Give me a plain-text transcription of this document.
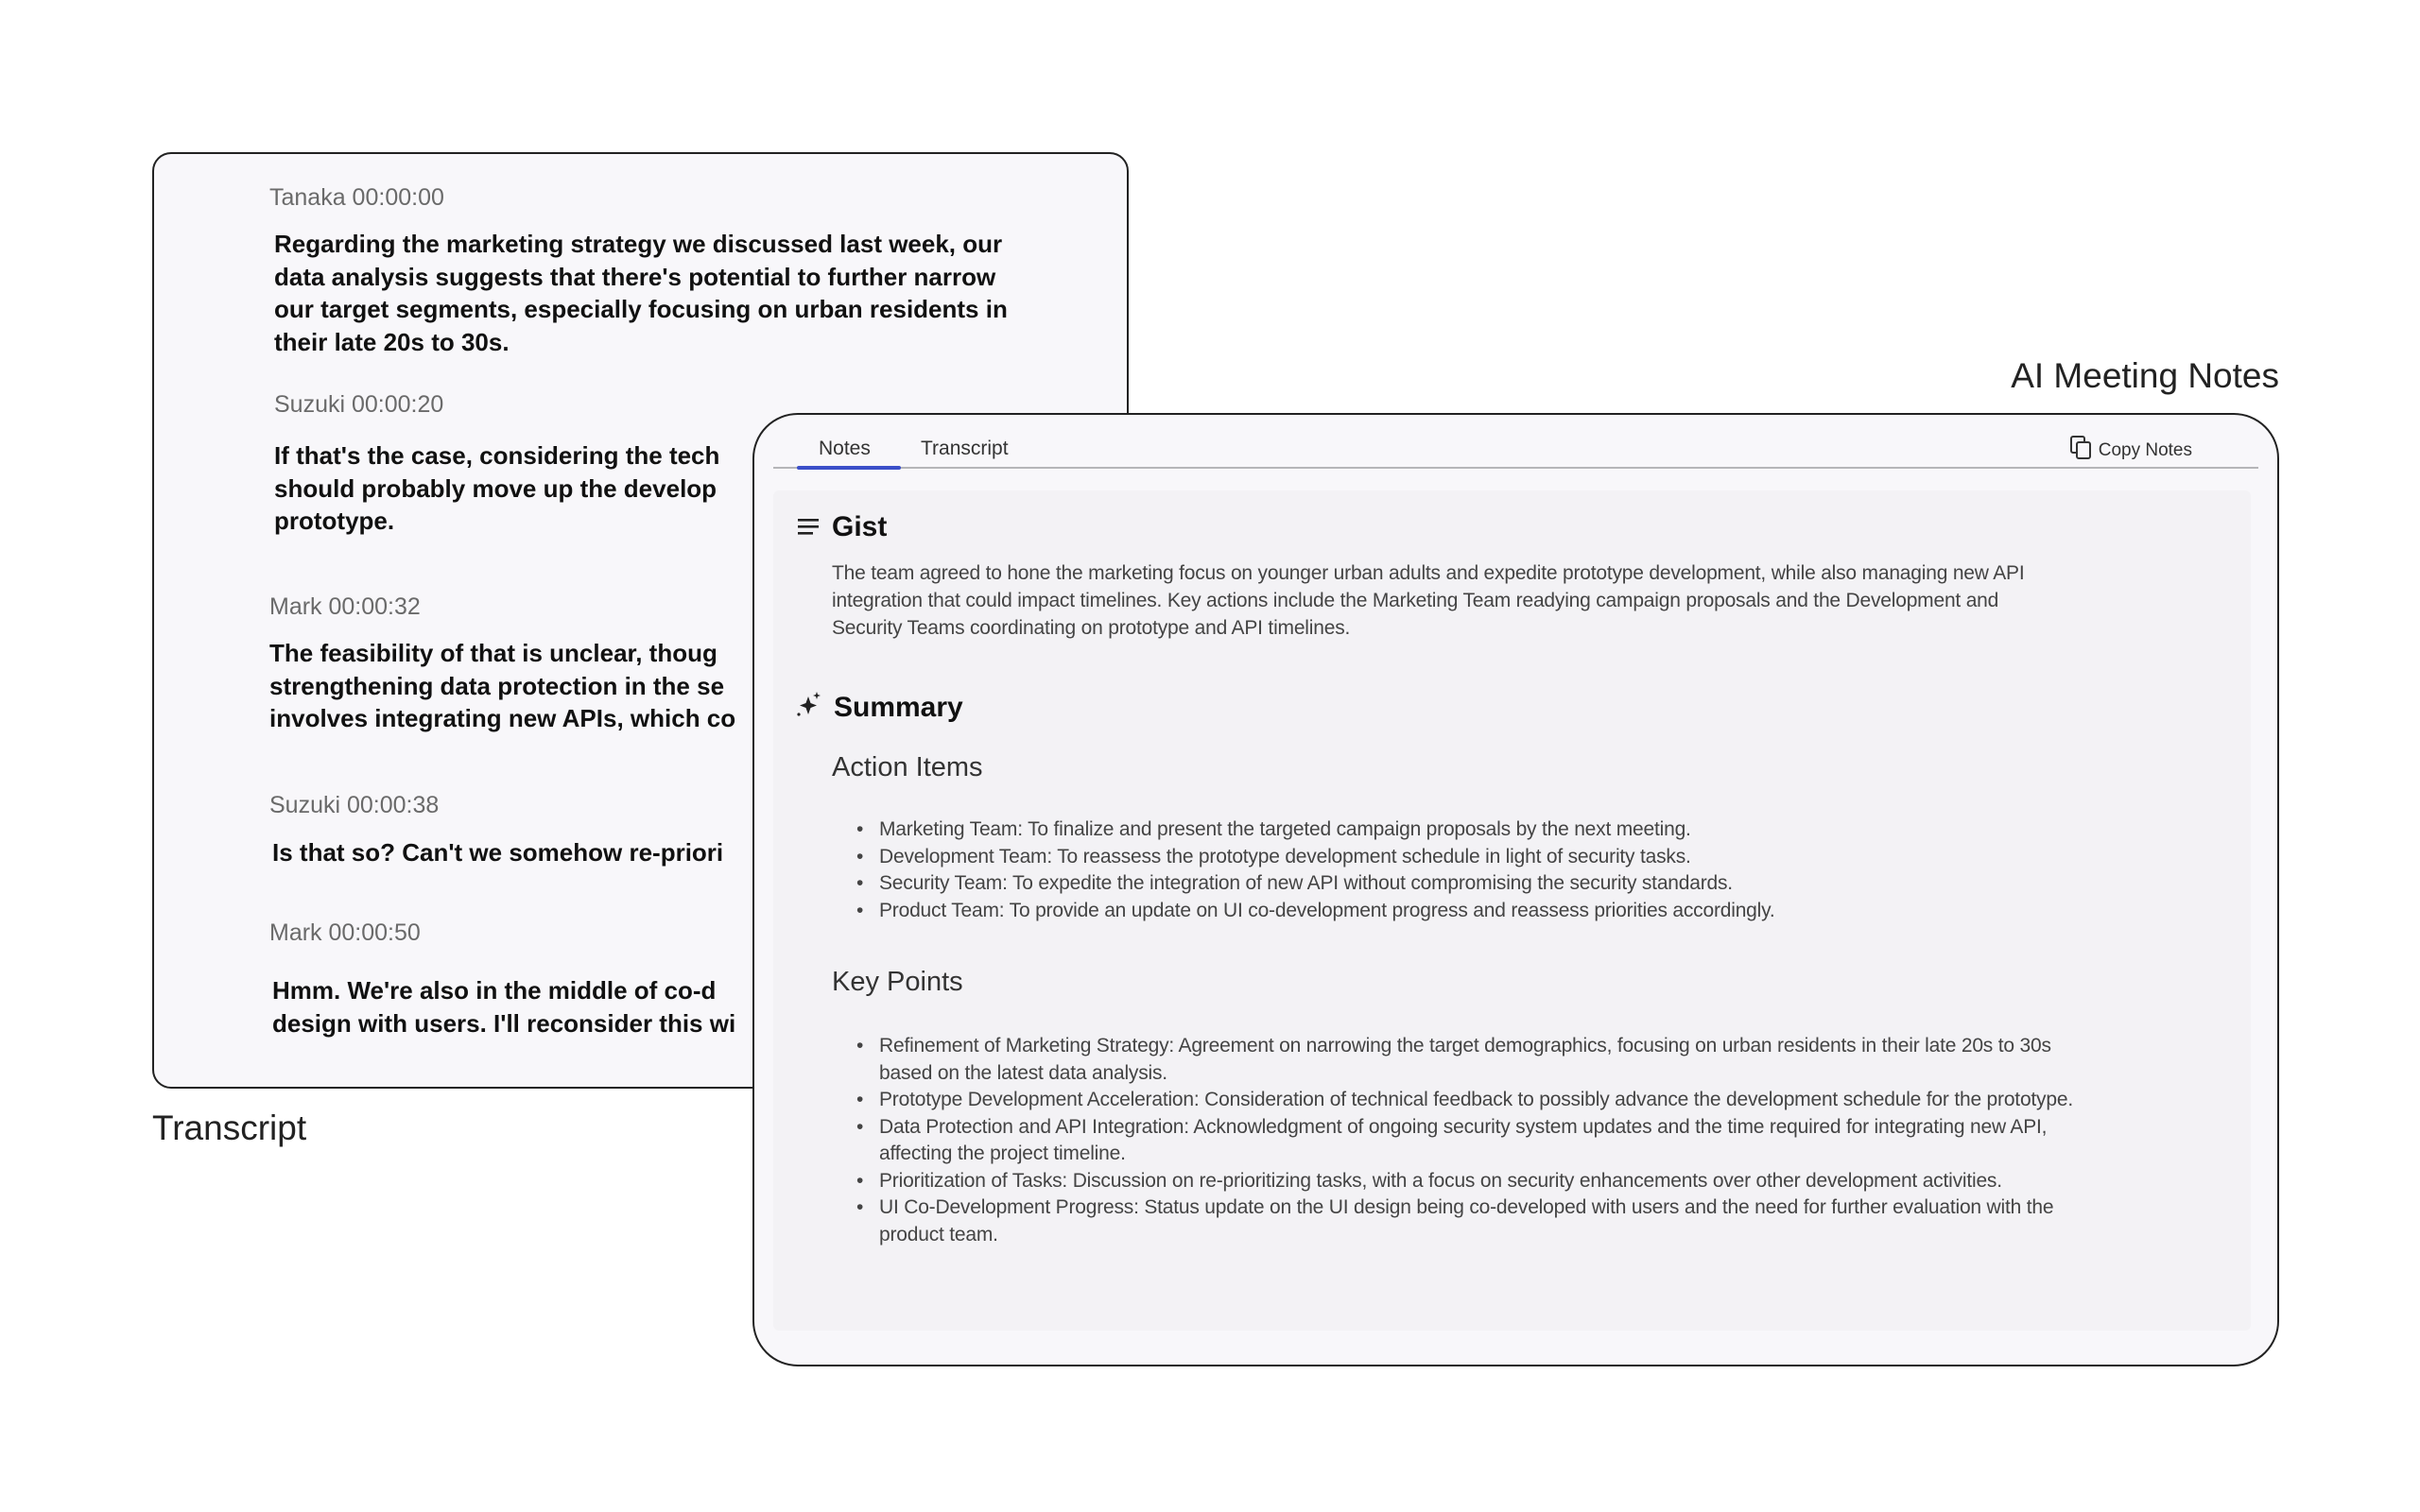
Tanaka 00:00:00
Regarding the marketing strategy we discussed last week, our
data analysis suggests that there's potential to further narrow
our target segments, especially focusing on urban residents in
their late 20s to 30s.
Suzuki 00:00:20
If that's the case, considering the tech
should probably move up the develop
prototype.
Mark 00:00:32
The feasibility of that is unclear, thoug
strengthening data protection in the se
involves integrating new APIs, which co
Suzuki 00:00:38
Is that so? Can't we somehow re-priori
Mark 00:00:50
Hmm. We're also in the middle of co-d
design with users. I'll reconsider this wi
Transcript
AI Meeting Notes
Notes	Transcript	Copy Notes
Gist
The team agreed to hone the marketing focus on younger urban adults and expedite prototype development, while also managing new API integration that could impact timelines. Key actions include the Marketing Team readying campaign proposals and the Development and Security Teams coordinating on prototype and API timelines.
Summary
Action Items
• Marketing Team: To finalize and present the targeted campaign proposals by the next meeting.
• Development Team: To reassess the prototype development schedule in light of security tasks.
• Security Team: To expedite the integration of new API without compromising the security standards.
• Product Team: To provide an update on UI co-development progress and reassess priorities accordingly.
Key Points
• Refinement of Marketing Strategy: Agreement on narrowing the target demographics, focusing on urban residents in their late 20s to 30s based on the latest data analysis.
• Prototype Development Acceleration: Consideration of technical feedback to possibly advance the development schedule for the prototype.
• Data Protection and API Integration: Acknowledgment of ongoing security system updates and the time required for integrating new API, affecting the project timeline.
• Prioritization of Tasks: Discussion on re-prioritizing tasks, with a focus on security enhancements over other development activities.
• UI Co-Development Progress: Status update on the UI design being co-developed with users and the need for further evaluation with the product team.
